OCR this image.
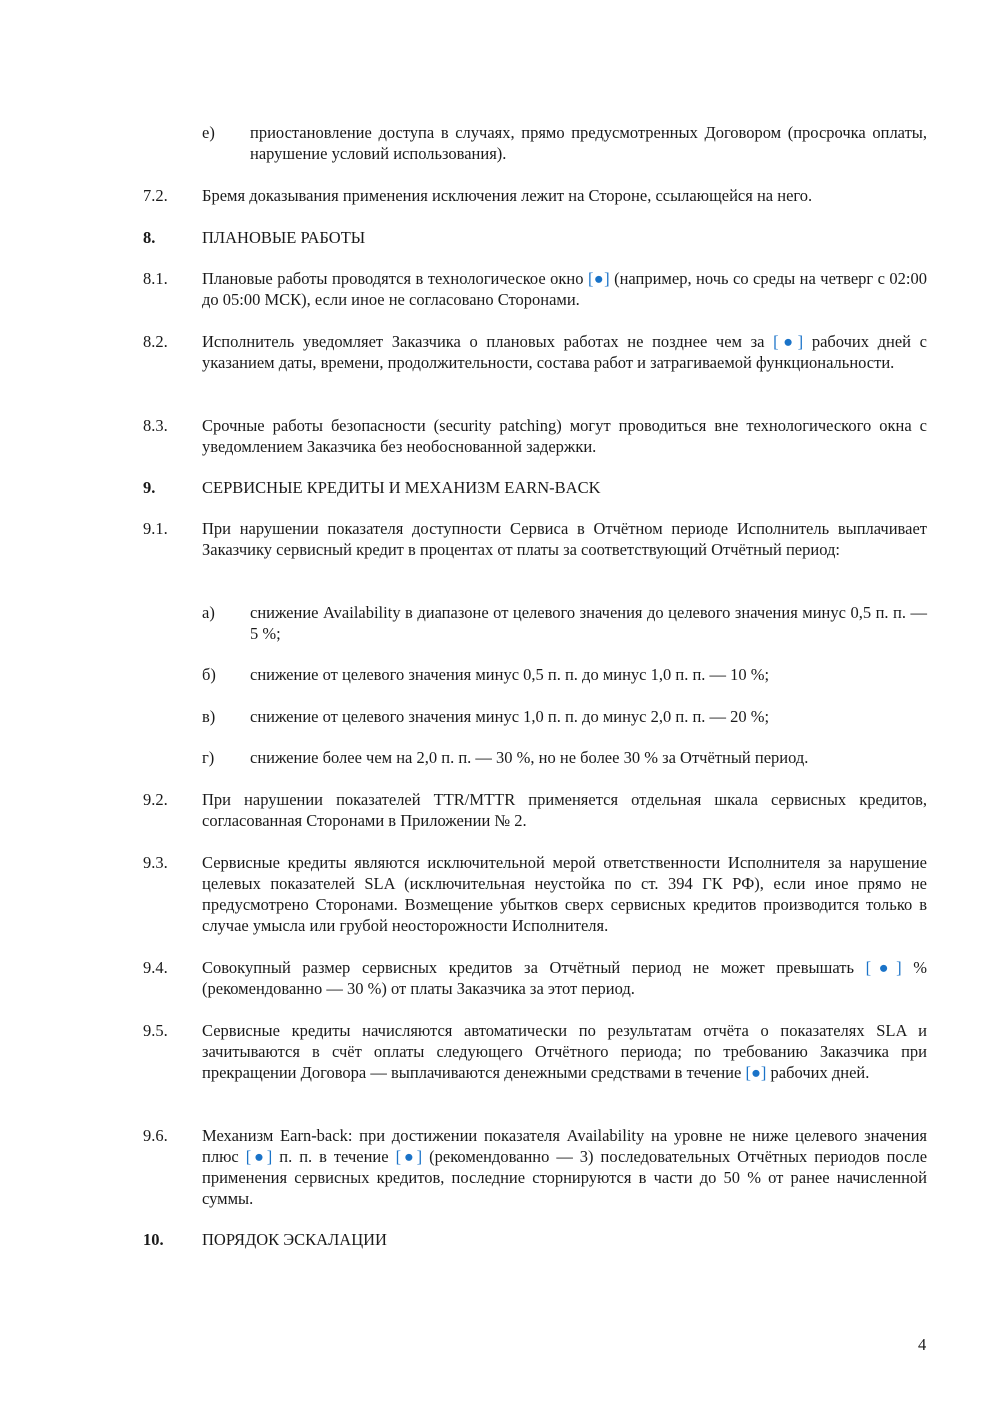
е) приостановление доступа в случаях, прямо предусмотренных Договором (просрочка оплаты, нарушение условий использования).
7.2. Бремя доказывания применения исключения лежит на Стороне, ссылающейся на него.
8.	ПЛАНОВЫЕ РАБОТЫ
8.1. Плановые работы проводятся в технологическое окно [●] (например, ночь со среды на четверг с 02:00 до 05:00 МСК), если иное не согласовано Сторонами.
8.2. Исполнитель уведомляет Заказчика о плановых работах не позднее чем за [●] рабочих дней с указанием даты, времени, продолжительности, состава работ и затрагиваемой функциональности.
8.3. Срочные работы безопасности (security patching) могут проводиться вне технологического окна с уведомлением Заказчика без необоснованной задержки.
9.	СЕРВИСНЫЕ КРЕДИТЫ И МЕХАНИЗМ EARN-BACK
9.1. При нарушении показателя доступности Сервиса в Отчётном периоде Исполнитель выплачивает Заказчику сервисный кредит в процентах от платы за соответствующий Отчётный период:
а) снижение Availability в диапазоне от целевого значения до целевого значения минус 0,5 п. п. — 5 %;
б) снижение от целевого значения минус 0,5 п. п. до минус 1,0 п. п. — 10 %;
в) снижение от целевого значения минус 1,0 п. п. до минус 2,0 п. п. — 20 %;
г) снижение более чем на 2,0 п. п. — 30 %, но не более 30 % за Отчётный период.
9.2. При нарушении показателей TTR/MTTR применяется отдельная шкала сервисных кредитов, согласованная Сторонами в Приложении № 2.
9.3. Сервисные кредиты являются исключительной мерой ответственности Исполнителя за нарушение целевых показателей SLA (исключительная неустойка по ст. 394 ГК РФ), если иное прямо не предусмотрено Сторонами. Возмещение убытков сверх сервисных кредитов производится только в случае умысла или грубой неосторожности Исполнителя.
9.4. Совокупный размер сервисных кредитов за Отчётный период не может превышать [●] % (рекомендованно — 30 %) от платы Заказчика за этот период.
9.5. Сервисные кредиты начисляются автоматически по результатам отчёта о показателях SLA и зачитываются в счёт оплаты следующего Отчётного периода; по требованию Заказчика при прекращении Договора — выплачиваются денежными средствами в течение [●] рабочих дней.
9.6. Механизм Earn-back: при достижении показателя Availability на уровне не ниже целевого значения плюс [●] п. п. в течение [●] (рекомендованно — 3) последовательных Отчётных периодов после применения сервисных кредитов, последние сторнируются в части до 50 % от ранее начисленной суммы.
10. ПОРЯДОК ЭСКАЛАЦИИ
4
